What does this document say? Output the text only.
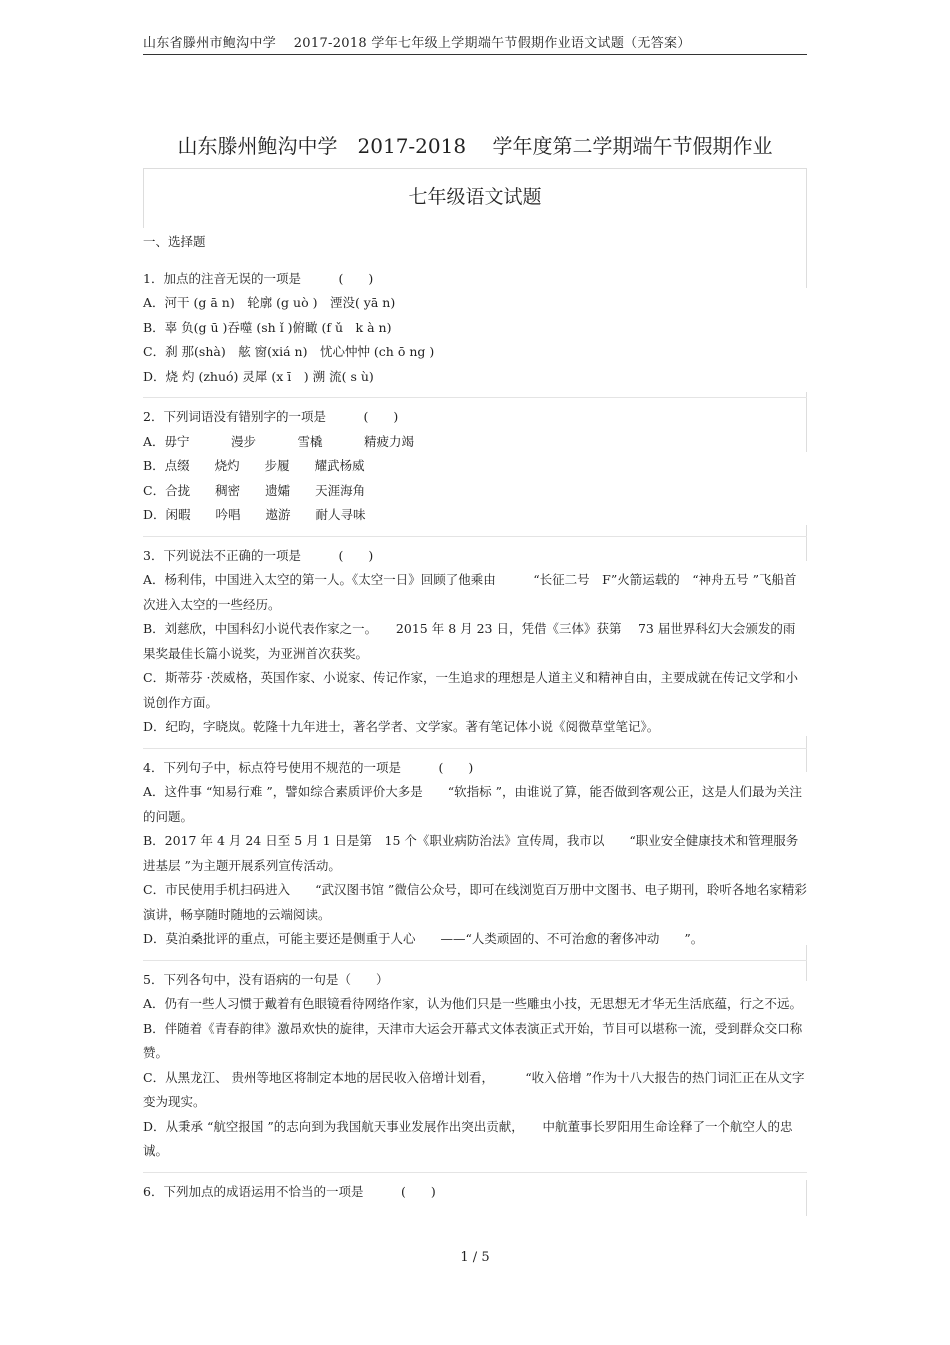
山东省滕州市鲍沟中学　 2017-2018 学年七年级上学期端午节假期作业语文试题（无答案）
山东滕州鲍沟中学　2017-2018　 学年度第二学期端午节假期作业
七年级语文试题
一、选择题
1．加点的注音无误的一项是　　　(　　)
A．河干 (g ā n)　轮廓 (g uò )　湮没( yā n)
B．辜 负(g ū )吞噬 (sh ǐ )俯瞰 (f ǔ　k à n)
C．刹 那(shà)　舷 窗(xiá n)　忧心忡忡 (ch ō ng )
D．烧 灼 (zhuó) 灵犀 (x ī　) 溯 流( s ù)
2．下列词语没有错别字的一项是　　　(　　)
A．毋宁　　　 漫步　　　 雪橇　　　 精疲力竭
B．点缀　　烧灼　　步履　　耀武杨威
C．合拢　　稠密　　遗孀　　天涯海角
D．闲暇　　吟唱　　遨游　　耐人寻味
3．下列说法不正确的一项是　　　(　　)
A．杨利伟，中国进入太空的第一人。《太空一日》回顾了他乘由　　　“长征二号　F”火箭运载的　“神舟五号 ”飞船首次进入太空的一些经历。
B．刘慈欣，中国科幻小说代表作家之一。　　2015 年 8 月 23 日，凭借《三体》获第　 73 届世界科幻大会颁发的雨果奖最佳长篇小说奖，为亚洲首次获奖。
C．斯蒂芬 ·茨威格，英国作家、小说家、传记作家，一生追求的理想是人道主义和精神自由，主要成就在传记文学和小说创作方面。
D．纪昀，字晓岚。乾隆十九年进士，著名学者、文学家。著有笔记体小说《阅微草堂笔记》。
4．下列句子中，标点符号使用不规范的一项是　　　(　　)
A．这件事 “知易行难 ”，譬如综合素质评价大多是　　“软指标 ”，由谁说了算，能否做到客观公正，这是人们最为关注的问题。
B．2017 年 4 月 24 日至 5 月 1 日是第　15 个《职业病防治法》宣传周，我市以　　“职业安全健康技术和管理服务进基层 ”为主题开展系列宣传活动。
C．市民使用手机扫码进入　　“武汉图书馆 ”微信公众号，即可在线浏览百万册中文图书、电子期刊，聆听各地名家精彩演讲，畅享随时随地的云端阅读。
D．莫泊桑批评的重点，可能主要还是侧重于人心　　——“人类顽固的、不可治愈的奢侈冲动　　”。
5．下列各句中，没有语病的一句是（　　）
A．仍有一些人习惯于戴着有色眼镜看待网络作家，认为他们只是一些雕虫小技，无思想无才华无生活底蕴，行之不远。
B．伴随着《青春韵律》激昂欢快的旋律，天津市大运会开幕式文体表演正式开始，节目可以堪称一流，受到群众交口称赞。
C．从黑龙江、 贵州等地区将制定本地的居民收入倍增计划看，　　　“收入倍增 ”作为十八大报告的热门词汇正在从文字变为现实。
D．从秉承 “航空报国 ”的志向到为我国航天事业发展作出突出贡献，　　中航董事长罗阳用生命诠释了一个航空人的忠诚。
6．下列加点的成语运用不恰当的一项是　　　(　　)
1 / 5
